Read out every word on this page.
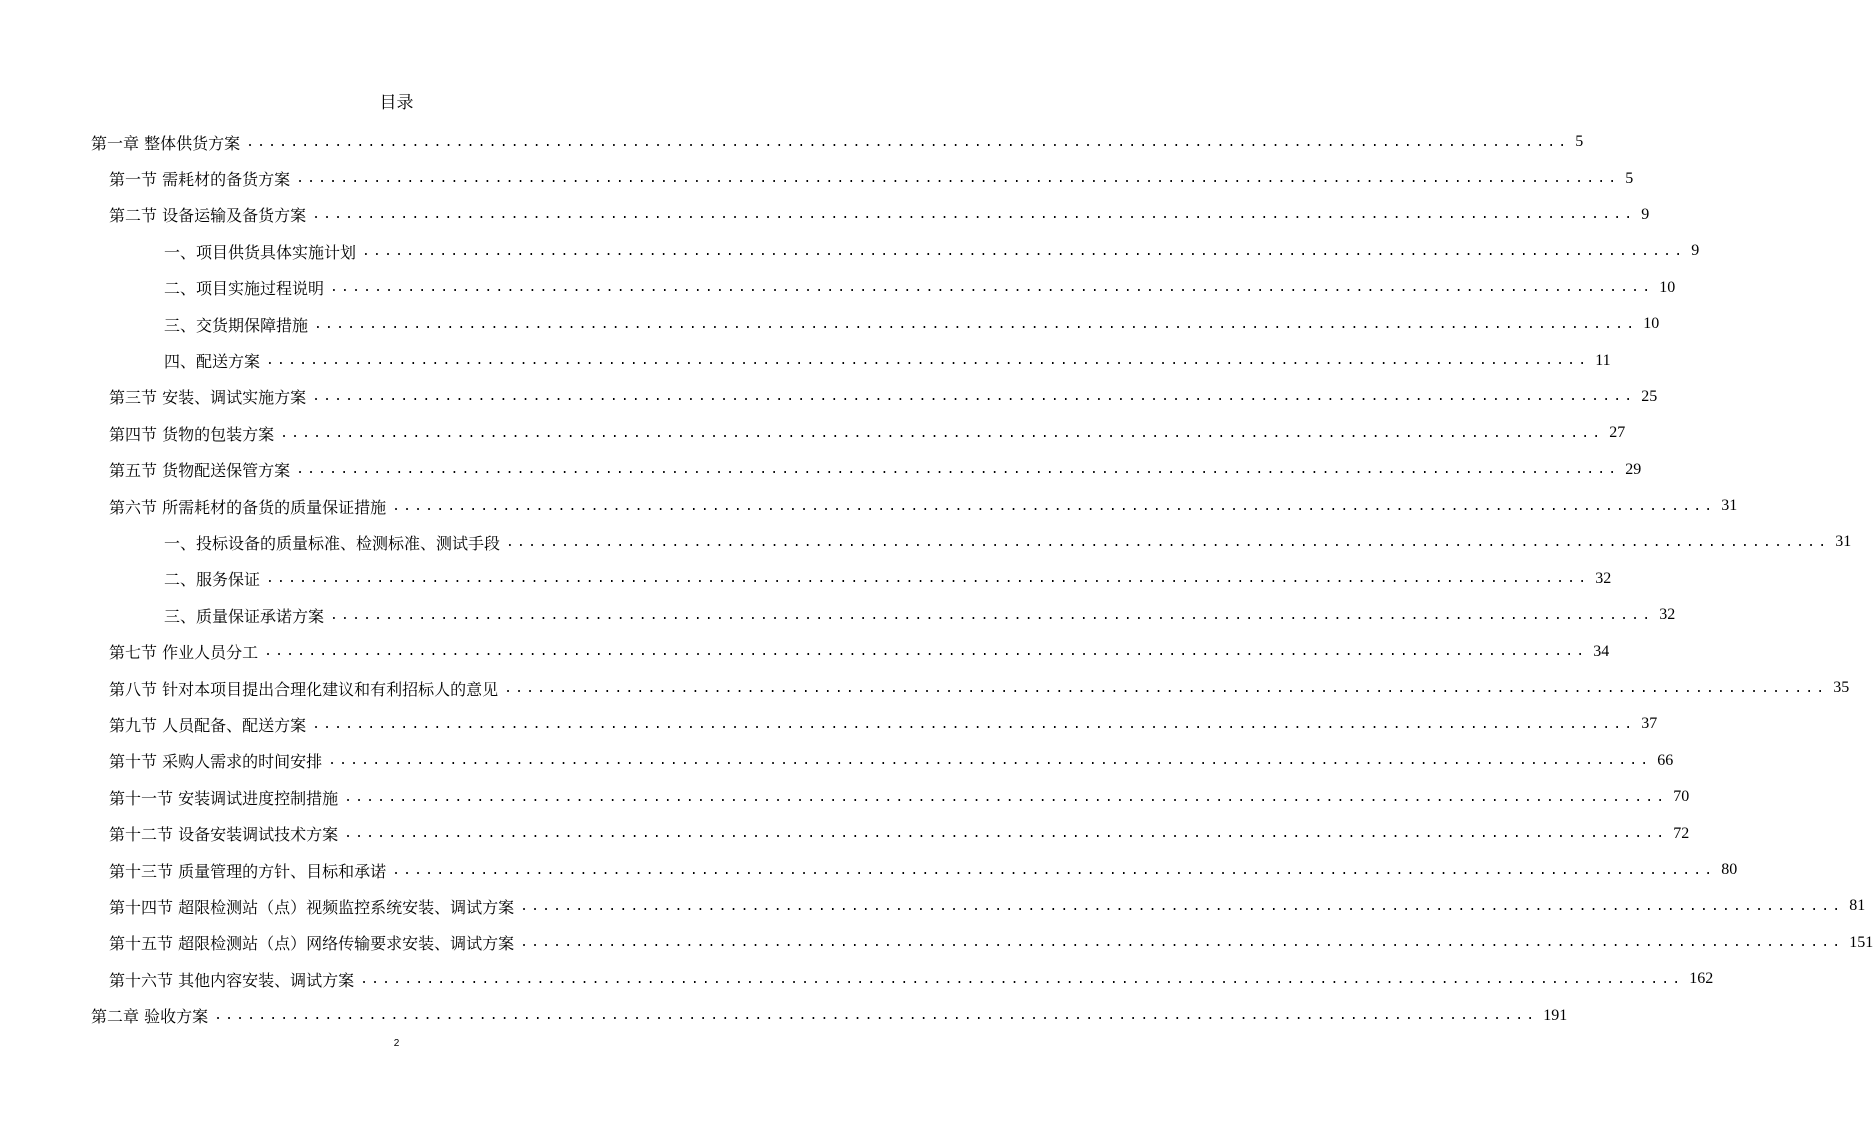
目录
第一章 整体供货方案 ........................................................................................................................ 5
第一节 需耗材的备货方案 ........................................................................................................................ 5
第二节 设备运输及备货方案 ........................................................................................................................ 9
一、项目供货具体实施计划 ........................................................................................................................ 9
二、项目实施过程说明 ........................................................................................................................ 10
三、交货期保障措施 ........................................................................................................................ 10
四、配送方案 ........................................................................................................................ 11
第三节 安装、调试实施方案 ........................................................................................................................ 25
第四节 货物的包装方案 ........................................................................................................................ 27
第五节 货物配送保管方案 ........................................................................................................................ 29
第六节 所需耗材的备货的质量保证措施 ........................................................................................................................ 31
一、投标设备的质量标准、检测标准、测试手段 ........................................................................................................................ 31
二、服务保证 ........................................................................................................................ 32
三、质量保证承诺方案 ........................................................................................................................ 32
第七节 作业人员分工 ........................................................................................................................ 34
第八节 针对本项目提出合理化建议和有利招标人的意见 ........................................................................................................................ 35
第九节 人员配备、配送方案 ........................................................................................................................ 37
第十节 采购人需求的时间安排 ........................................................................................................................ 66
第十一节 安装调试进度控制措施 ........................................................................................................................ 70
第十二节 设备安装调试技术方案 ........................................................................................................................ 72
第十三节 质量管理的方针、目标和承诺 ........................................................................................................................ 80
第十四节 超限检测站（点）视频监控系统安装、调试方案 ........................................................................................................................ 81
第十五节 超限检测站（点）网络传输要求安装、调试方案 ........................................................................................................................ 151
第十六节 其他内容安装、调试方案 ........................................................................................................................ 162
第二章 验收方案 ........................................................................................................................ 191
2
